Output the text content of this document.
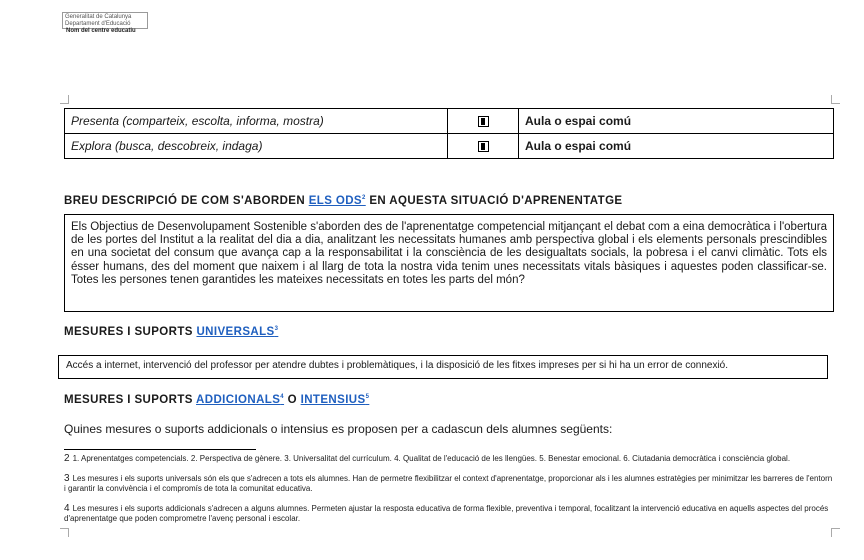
Generalitat de Catalunya
Departament d'Educació
Nom del centre educatiu
Presenta (comparteix, escolta, informa, mostra)		Aula o espai comú
Explora (busca, descobreix, indaga)		Aula o espai comú
BREU DESCRIPCIÓ DE COM S'ABORDEN ELS ODS$^2$ EN AQUESTA SITUACIÓ D'APRENENTATGE
Els Objectius de Desenvolupament Sostenible s'aborden des de l'aprenentatge competencial mitjançant el debat com a eina democràtica i l'obertura de les portes del Institut a la realitat del dia a dia, analitzant les necessitats humanes amb perspectiva global i els elements personals prescindibles en una societat del consum que avança cap a la responsabilitat i la consciència de les desigualtats socials, la pobresa i el canvi climàtic. Tots els ésser humans, des del moment que naixem i al llarg de tota la nostra vida tenim unes necessitats vitals bàsiques i aquestes poden classificar-se. Totes les persones tenen garantides les mateixes necessitats en totes les parts del món?
MESURES I SUPORTS UNIVERSALS$^3$
Accés a internet, intervenció del professor per atendre dubtes i problemàtiques, i la disposició de les fitxes impreses per si hi ha un error de connexió.
MESURES I SUPORTS ADDICIONALS$^4$ O INTENSIUS$^5$
Quines mesures o suports addicionals o intensius es proposen per a cadascun dels alumnes següents:
2 1. Aprenentatges competencials. 2. Perspectiva de gènere. 3. Universalitat del currículum. 4. Qualitat de l'educació de les llengües. 5. Benestar emocional. 6. Ciutadania democràtica i consciència global.
3 Les mesures i els suports universals són els que s'adrecen a tots els alumnes. Han de permetre flexibilitzar el context d'aprenentatge, proporcionar als i les alumnes estratègies per minimitzar les barreres de l'entorn i garantir la convivència i el compromís de tota la comunitat educativa.
4 Les mesures i els suports addicionals s'adrecen a alguns alumnes. Permeten ajustar la resposta educativa de forma flexible, preventiva i temporal, focalitzant la intervenció educativa en aquells aspectes del procés d'aprenentatge que poden comprometre l'avenç personal i escolar.
